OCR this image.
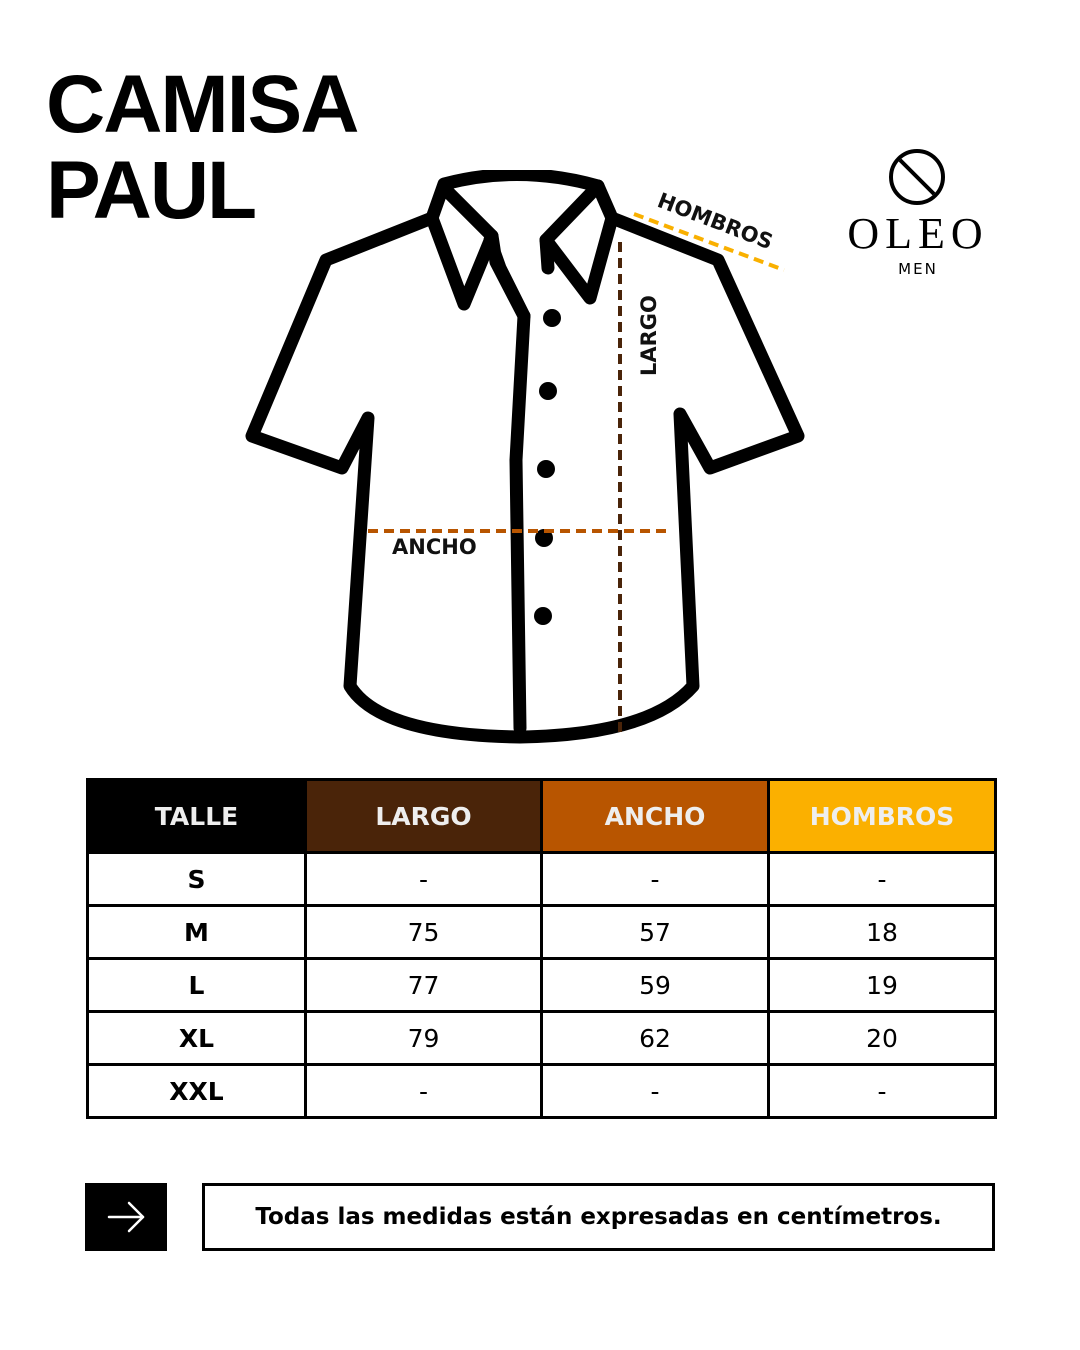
CAMISA
PAUL	OLEO
MEN
HOMBROS
LARGO
ANCHO
TALLE	LARGO	ANCHO	HOMBROS
S	-	-	-
M	75	57	18
L	77	59	19
XL	79	62	20
XXL	-	-	-
Todas las medidas están expresadas en centímetros.
